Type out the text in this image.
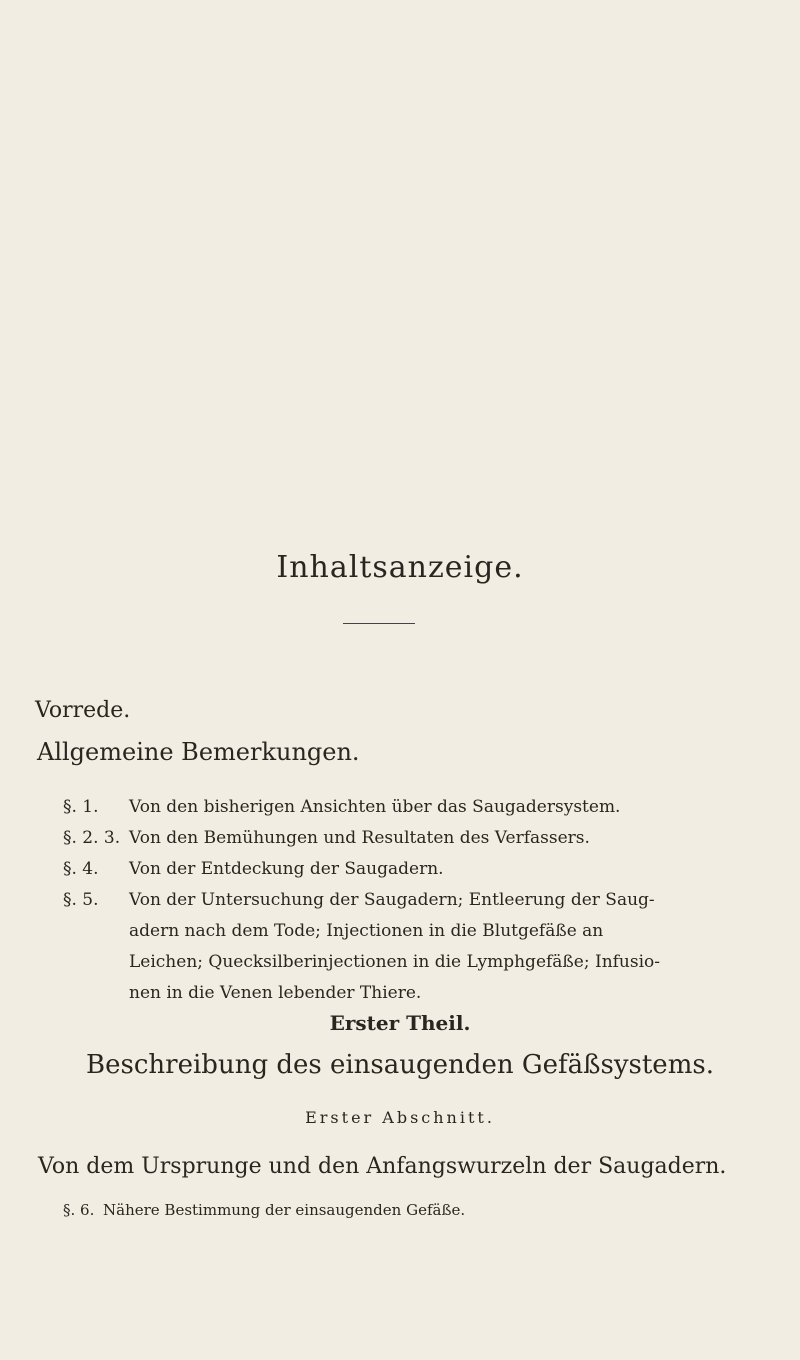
Inhaltsanzeige.
Vorrede.
Allgemeine Bemerkungen.
§. 1. Von den bisherigen Ansichten über das Saugadersystem.
§. 2. 3. Von den Bemühungen und Resultaten des Verfassers.
§. 4. Von der Entdeckung der Saugadern.
§. 5. Von der Untersuchung der Saugadern; Entleerung der Saug-
adern nach dem Tode; Injectionen in die Blutgefäße an
Leichen; Quecksilberinjectionen in die Lymphgefäße; Infusio-
nen in die Venen lebender Thiere.
Erster Theil.
Beschreibung des einsaugenden Gefäßsystems.
Erster Abschnitt.
Von dem Ursprunge und den Anfangswurzeln der Saugadern.
§. 6. Nähere Bestimmung der einsaugenden Gefäße.
